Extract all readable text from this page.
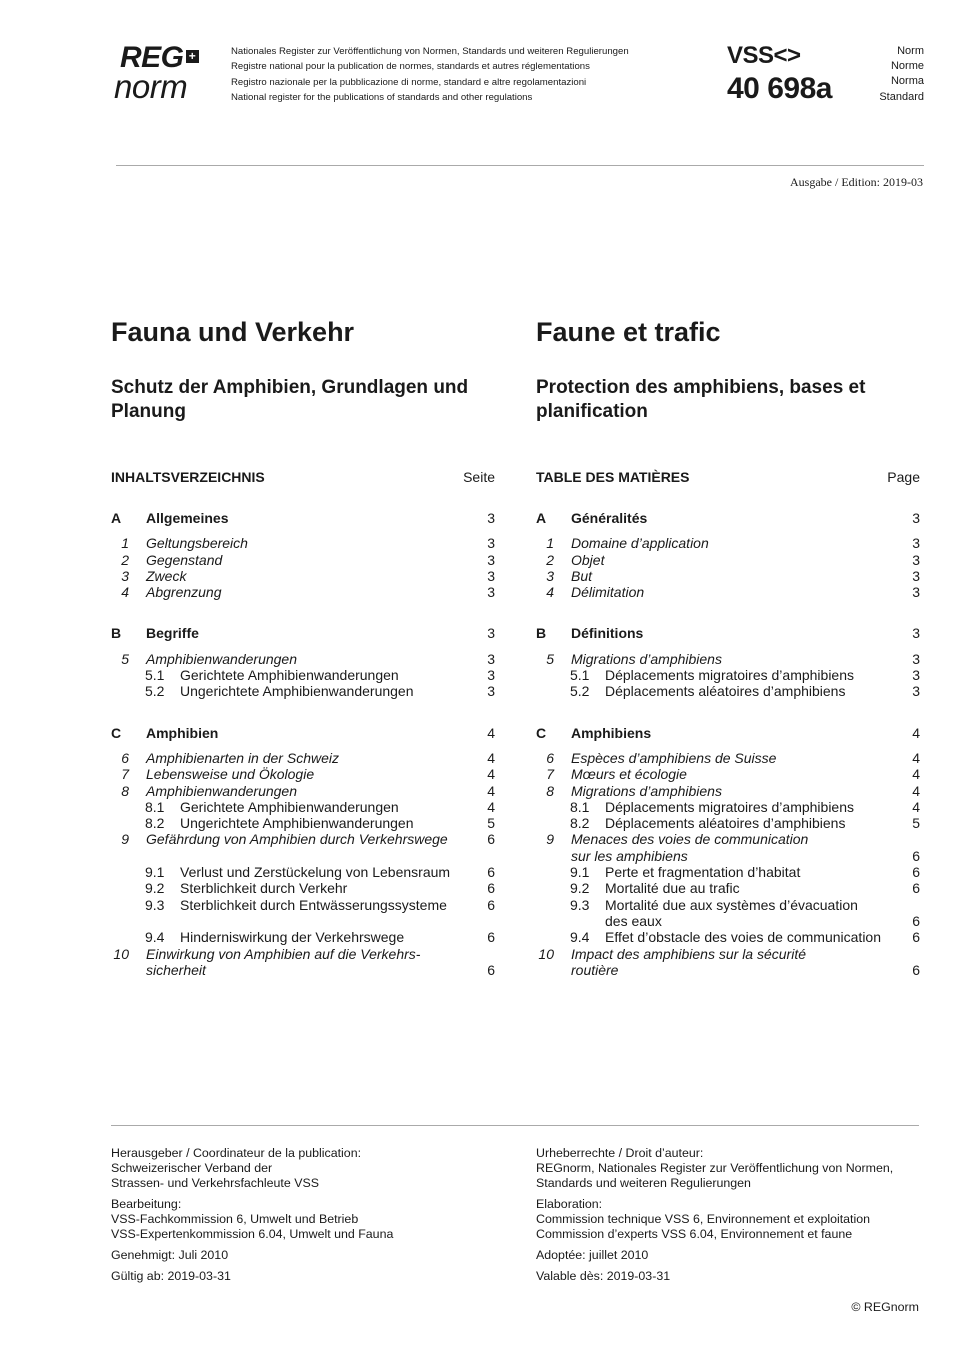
REG +
norm
Nationales Register zur Veröffentlichung von Normen, Standards und weiteren Regulierungen
Registre national pour la publication de normes, standards et autres réglementations
Registro nazionale per la pubblicazione di norme, standard e altre regolamentazioni
National register for the publications of standards and other regulations
VSS<>
40 698a
Norm
Norme
Norma
Standard
Ausgabe / Edition: 2019-03
Fauna und Verkehr
Schutz der Amphibien, Grundlagen und Planung
Faune et trafic
Protection des amphibiens, bases et planification
INHALTSVERZEICHNIS	Seite
A Allgemeines	3
1 Geltungsbereich	3
2 Gegenstand	3
3 Zweck	3
4 Abgrenzung	3
B Begriffe	3
5 Amphibienwanderungen	3
5.1 Gerichtete Amphibienwanderungen	3
5.2 Ungerichtete Amphibienwanderungen	3
C Amphibien	4
6 Amphibienarten in der Schweiz	4
7 Lebensweise und Ökologie	4
8 Amphibienwanderungen	4
8.1 Gerichtete Amphibienwanderungen	4
8.2 Ungerichtete Amphibienwanderungen	5
9 Gefährdung von Amphibien durch Verkehrswege	6
9.1 Verlust und Zerstückelung von Lebensraum	6
9.2 Sterblichkeit durch Verkehr	6
9.3 Sterblichkeit durch Entwässerungssysteme	6
9.4 Hinderniswirkung der Verkehrswege	6
10 Einwirkung von Amphibien auf die Verkehrs-
sicherheit	6
TABLE DES MATIÈRES	Page
A Généralités	3
1 Domaine d’application	3
2 Objet	3
3 But	3
4 Délimitation	3
B Définitions	3
5 Migrations d’amphibiens	3
5.1 Déplacements migratoires d’amphibiens	3
5.2 Déplacements aléatoires d’amphibiens	3
C Amphibiens	4
6 Espèces d’amphibiens de Suisse	4
7 Mœurs et écologie	4
8 Migrations d’amphibiens	4
8.1 Déplacements migratoires d’amphibiens	4
8.2 Déplacements aléatoires d’amphibiens	5
9 Menaces des voies de communication
sur les amphibiens	6
9.1 Perte et fragmentation d’habitat	6
9.2 Mortalité due au trafic	6
9.3 Mortalité due aux systèmes d’évacuation
des eaux	6
9.4 Effet d’obstacle des voies de communication 6
10 Impact des amphibiens sur la sécurité
routière	6

Herausgeber / Coordinateur de la publication:
Schweizerischer Verband der
Strassen- und Verkehrsfachleute VSS

Bearbeitung:
VSS-Fachkommission 6, Umwelt und Betrieb
VSS-Expertenkommission 6.04, Umwelt und Fauna

Genehmigt: Juli 2010

Gültig ab: 2019-03-31

Urheberrechte / Droit d’auteur:
REGnorm, Nationales Register zur Veröffentlichung von Normen,
Standards und weiteren Regulierungen

Elaboration:
Commission technique VSS 6, Environnement et exploitation
Commission d’experts VSS 6.04, Environnement et faune

Adoptée: juillet 2010

Valable dès: 2019-03-31

© REGnorm
